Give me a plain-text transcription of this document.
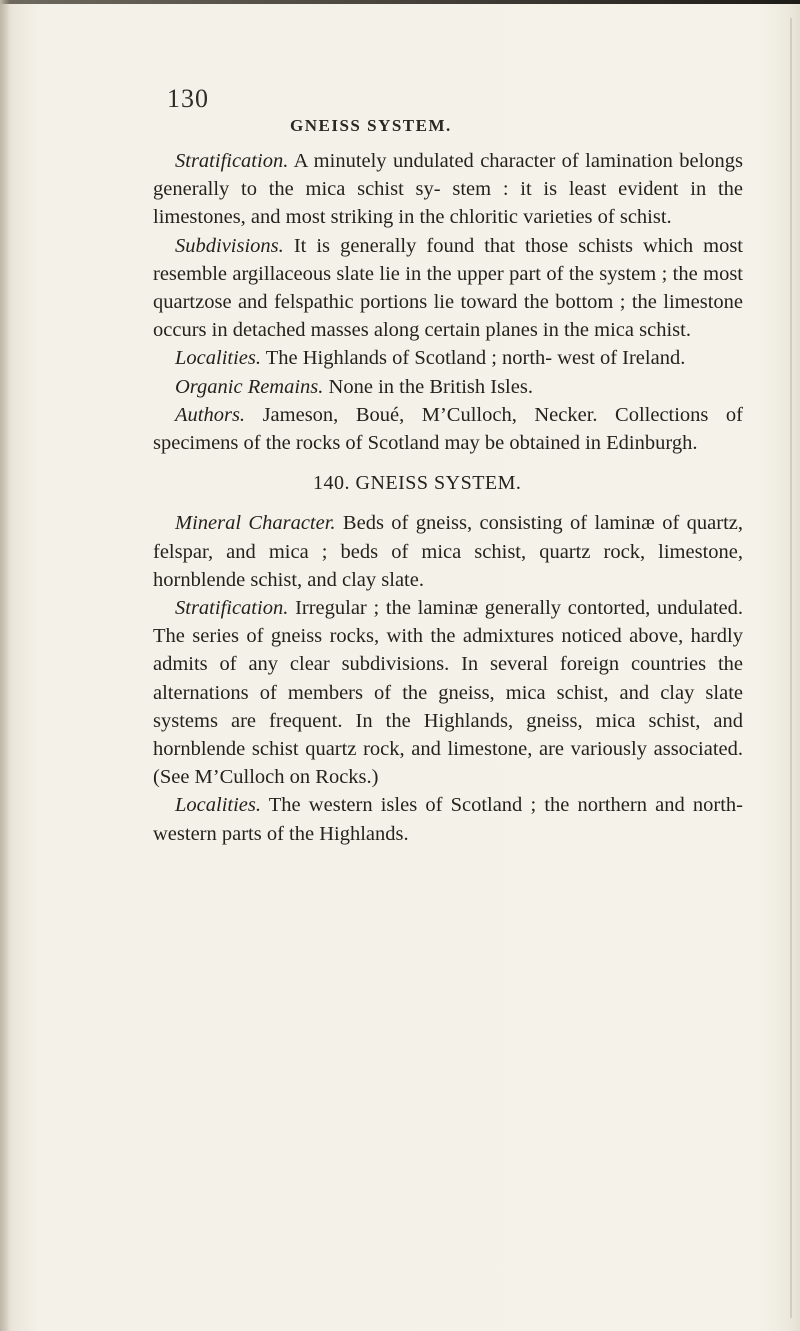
130
GNEISS SYSTEM.

Stratification. A minutely undulated character of lamination belongs generally to the mica schist sy- stem : it is least evident in the limestones, and most striking in the chloritic varieties of schist.

Subdivisions. It is generally found that those schists which most resemble argillaceous slate lie in the upper part of the system ; the most quartzose and felspathic portions lie toward the bottom ; the limestone occurs in detached masses along certain planes in the mica schist.

Localities. The Highlands of Scotland ; north- west of Ireland.

Organic Remains. None in the British Isles.

Authors. Jameson, Boué, M’Culloch, Necker. Collections of specimens of the rocks of Scotland may be obtained in Edinburgh.

140. GNEISS SYSTEM.

Mineral Character. Beds of gneiss, consisting of laminæ of quartz, felspar, and mica ; beds of mica schist, quartz rock, limestone, hornblende schist, and clay slate.

Stratification. Irregular ; the laminæ generally contorted, undulated. The series of gneiss rocks, with the admixtures noticed above, hardly admits of any clear subdivisions. In several foreign countries the alternations of members of the gneiss, mica schist, and clay slate systems are frequent. In the Highlands, gneiss, mica schist, and hornblende schist quartz rock, and limestone, are variously associated. (See M’Culloch on Rocks.)

Localities. The western isles of Scotland ; the northern and north-western parts of the Highlands.
